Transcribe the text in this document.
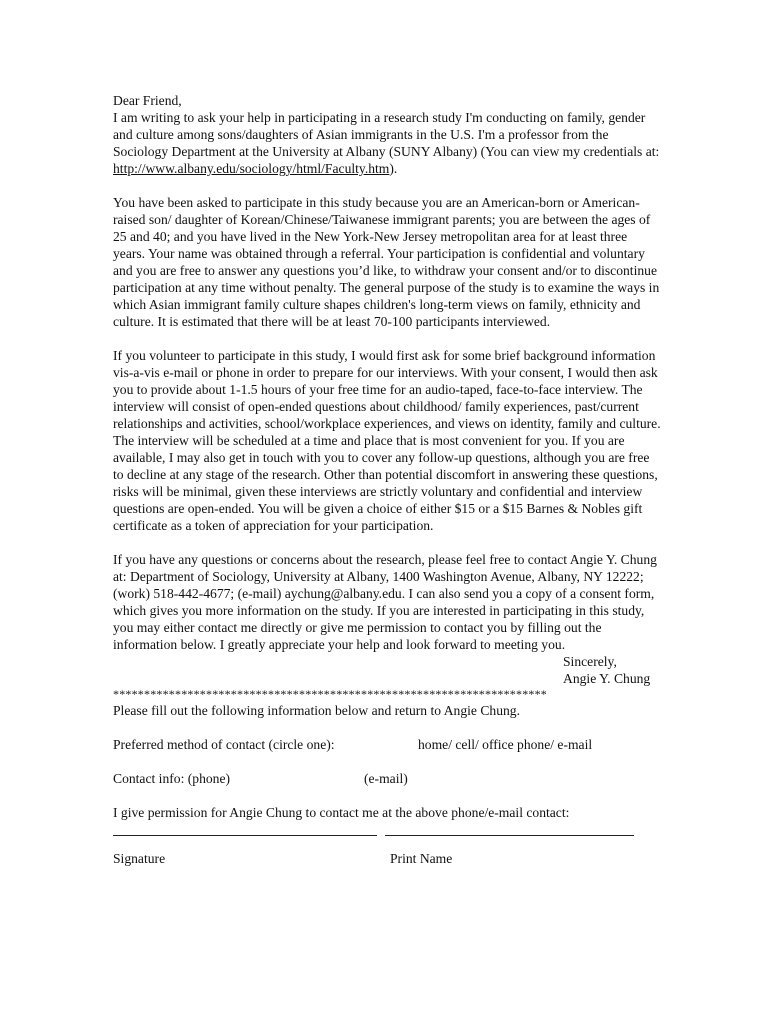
Dear Friend,

I am writing to ask your help in participating in a research study I'm conducting on family, gender and culture among sons/daughters of Asian immigrants in the U.S. I'm a professor from the Sociology Department at the University at Albany (SUNY Albany) (You can view my credentials at: http://www.albany.edu/sociology/html/Faculty.htm).

You have been asked to participate in this study because you are an American-born or American-raised son/ daughter of Korean/Chinese/Taiwanese immigrant parents; you are between the ages of 25 and 40; and you have lived in the New York-New Jersey metropolitan area for at least three years. Your name was obtained through a referral. Your participation is confidential and voluntary and you are free to answer any questions you’d like, to withdraw your consent and/or to discontinue participation at any time without penalty. The general purpose of the study is to examine the ways in which Asian immigrant family culture shapes children's long-term views on family, ethnicity and culture. It is estimated that there will be at least 70-100 participants interviewed.

If you volunteer to participate in this study, I would first ask for some brief background information vis-a-vis e-mail or phone in order to prepare for our interviews. With your consent, I would then ask you to provide about 1-1.5 hours of your free time for an audio-taped, face-to-face interview. The interview will consist of open-ended questions about childhood/ family experiences, past/current relationships and activities, school/workplace experiences, and views on identity, family and culture. The interview will be scheduled at a time and place that is most convenient for you. If you are available, I may also get in touch with you to cover any follow-up questions, although you are free to decline at any stage of the research. Other than potential discomfort in answering these questions, risks will be minimal, given these interviews are strictly voluntary and confidential and interview questions are open-ended. You will be given a choice of either $15 or a $15 Barnes & Nobles gift certificate as a token of appreciation for your participation.

If you have any questions or concerns about the research, please feel free to contact Angie Y. Chung at: Department of Sociology, University at Albany, 1400 Washington Avenue, Albany, NY 12222; (work) 518-442-4677; (e-mail) aychung@albany.edu. I can also send you a copy of a consent form, which gives you more information on the study. If you are interested in participating in this study, you may either contact me directly or give me permission to contact you by filling out the information below. I greatly appreciate your help and look forward to meeting you.

Sincerely,
Angie Y. Chung
**********************************************************************

Please fill out the following information below and return to Angie Chung.

Preferred method of contact (circle one):	home/ cell/ office phone/ e-mail
Contact info: (phone)	(e-mail)

I give permission for Angie Chung to contact me at the above phone/e-mail contact:

Signature	Print Name
